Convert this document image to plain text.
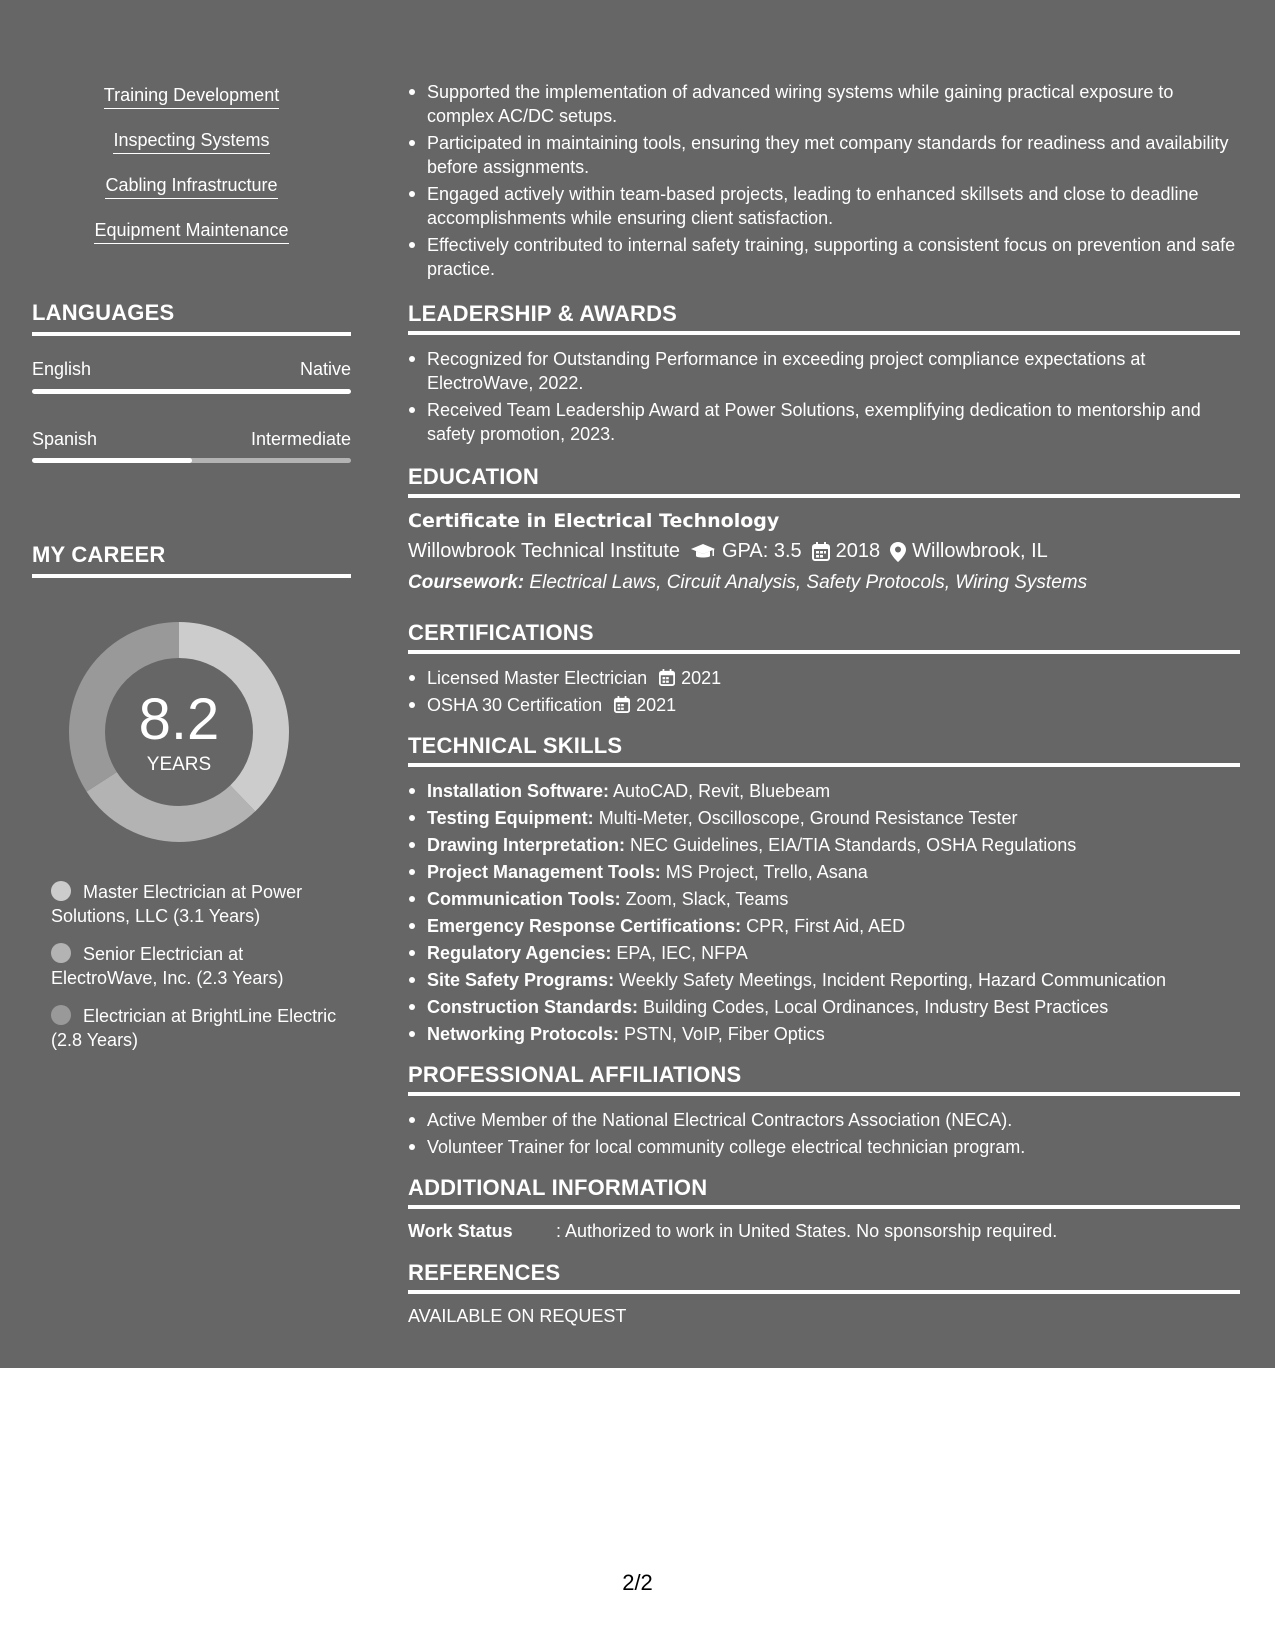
Training Development
Inspecting Systems
Cabling Infrastructure
Equipment Maintenance
LANGUAGES
English	Native
Spanish	Intermediate
MY CAREER
8.2
YEARS
Master Electrician at Power Solutions, LLC (3.1 Years)
Senior Electrician at ElectroWave, Inc. (2.3 Years)
Electrician at BrightLine Electric (2.8 Years)
Supported the implementation of advanced wiring systems while gaining practical exposure to complex AC/DC setups.
Participated in maintaining tools, ensuring they met company standards for readiness and availability before assignments.
Engaged actively within team-based projects, leading to enhanced skillsets and close to deadline accomplishments while ensuring client satisfaction.
Effectively contributed to internal safety training, supporting a consistent focus on prevention and safe practice.
LEADERSHIP & AWARDS
Recognized for Outstanding Performance in exceeding project compliance expectations at ElectroWave, 2022.
Received Team Leadership Award at Power Solutions, exemplifying dedication to mentorship and safety promotion, 2023.
EDUCATION
Certificate in Electrical Technology
Willowbrook Technical Institute GPA: 3.5 2018 Willowbrook, IL
Coursework: Electrical Laws, Circuit Analysis, Safety Protocols, Wiring Systems
CERTIFICATIONS
Licensed Master Electrician 2021
OSHA 30 Certification 2021
TECHNICAL SKILLS
Installation Software: AutoCAD, Revit, Bluebeam
Testing Equipment: Multi-Meter, Oscilloscope, Ground Resistance Tester
Drawing Interpretation: NEC Guidelines, EIA/TIA Standards, OSHA Regulations
Project Management Tools: MS Project, Trello, Asana
Communication Tools: Zoom, Slack, Teams
Emergency Response Certifications: CPR, First Aid, AED
Regulatory Agencies: EPA, IEC, NFPA
Site Safety Programs: Weekly Safety Meetings, Incident Reporting, Hazard Communication
Construction Standards: Building Codes, Local Ordinances, Industry Best Practices
Networking Protocols: PSTN, VoIP, Fiber Optics
PROFESSIONAL AFFILIATIONS
Active Member of the National Electrical Contractors Association (NECA).
Volunteer Trainer for local community college electrical technician program.
ADDITIONAL INFORMATION
Work Status	: Authorized to work in United States. No sponsorship required.
REFERENCES
AVAILABLE ON REQUEST
2/2
